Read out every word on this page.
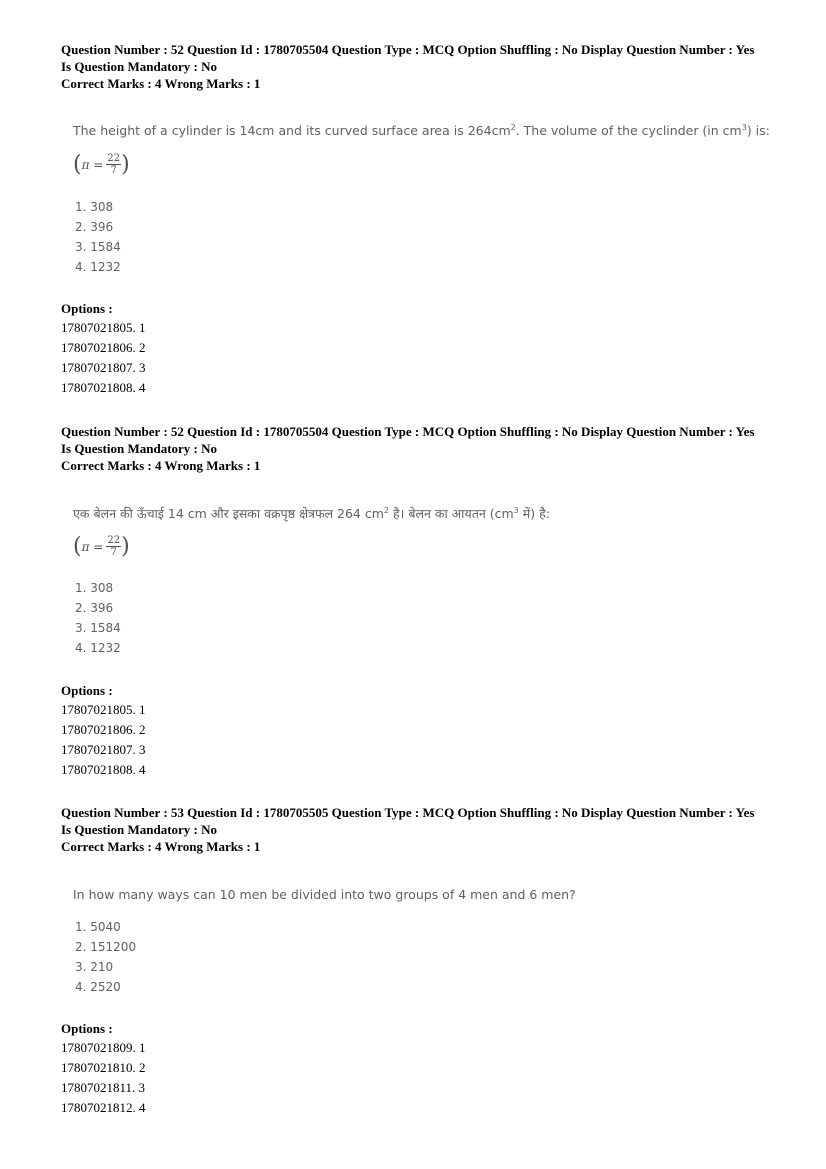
Question Number : 52 Question Id : 1780705504 Question Type : MCQ Option Shuffling : No Display Question Number : Yes

Is Question Mandatory : No

Correct Marks : 4 Wrong Marks : 1

The height of a cylinder is 14cm and its curved surface area is $264cm^2$. The volume of the cyclinder (in $cm^3$) is:
( $\pi = \frac{22}{7}$ )
1. 308
2. 396
3. 1584
4. 1232
Options :
17807021805. 1
17807021806. 2
17807021807. 3
17807021808. 4

Question Number : 52 Question Id : 1780705504 Question Type : MCQ Option Shuffling : No Display Question Number : Yes

Is Question Mandatory : No

Correct Marks : 4 Wrong Marks : 1

एक बेलन की ऊँचाई 14 cm और इसका वक्रपृष्ठ क्षेत्रफल 264 $cm^2$ है। बेलन का आयतन ($cm^3$ में) है:
( $\pi = \frac{22}{7}$ )
1. 308
2. 396
3. 1584
4. 1232
Options :
17807021805. 1
17807021806. 2
17807021807. 3
17807021808. 4

Question Number : 53 Question Id : 1780705505 Question Type : MCQ Option Shuffling : No Display Question Number : Yes

Is Question Mandatory : No

Correct Marks : 4 Wrong Marks : 1

In how many ways can 10 men be divided into two groups of 4 men and 6 men?
1. 5040
2. 151200
3. 210
4. 2520
Options :
17807021809. 1
17807021810. 2
17807021811. 3
17807021812. 4
